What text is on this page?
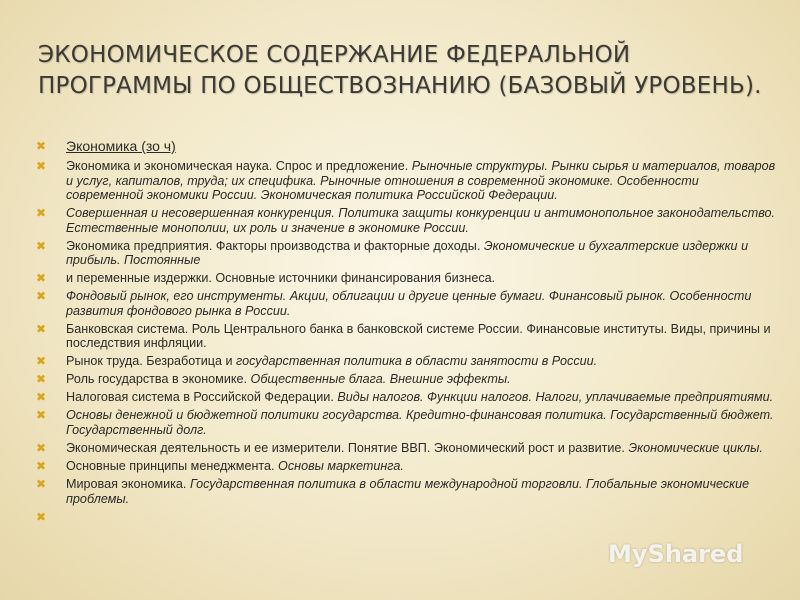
ЭКОНОМИЧЕСКОЕ СОДЕРЖАНИЕ ФЕДЕРАЛЬНОЙ ПРОГРАММЫ ПО ОБЩЕСТВОЗНАНИЮ (БАЗОВЫЙ УРОВЕНЬ).
✖ Экономика (зо ч)
✖ Экономика и экономическая наука. Спрос и предложение. Рыночные структуры. Рынки сырья и материалов, товаров и услуг, капиталов, труда; их специфика. Рыночные отношения в современной экономике. Особенности современной экономики России. Экономическая политика Российской Федерации.
✖ Совершенная и несовершенная конкуренция. Политика защиты конкуренции и антимонопольное законодательство. Естественные монополии, их роль и значение в экономике России.
✖ Экономика предприятия. Факторы производства и факторные доходы. Экономические и бухгалтерские издержки и прибыль. Постоянные
✖ и переменные издержки. Основные источники финансирования бизнеса.
✖ Фондовый рынок, его инструменты. Акции, облигации и другие ценные бумаги. Финансовый рынок. Особенности развития фондового рынка в России.
✖ Банковская система. Роль Центрального банка в банковской системе России. Финансовые институты. Виды, причины и последствия инфляции.
✖ Рынок труда. Безработица и государственная политика в области занятости в России.
✖ Роль государства в экономике. Общественные блага. Внешние эффекты.
✖ Налоговая система в Российской Федерации. Виды налогов. Функции налогов. Налоги, уплачиваемые предприятиями.
✖ Основы денежной и бюджетной политики государства. Кредитно-финансовая политика. Государственный бюджет. Государственный долг.
✖ Экономическая деятельность и ее измерители. Понятие ВВП. Экономический рост и развитие. Экономические циклы.
✖ Основные принципы менеджмента. Основы маркетинга.
✖ Мировая экономика. Государственная политика в области международной торговли. Глобальные экономические проблемы.
✖
MyShared
